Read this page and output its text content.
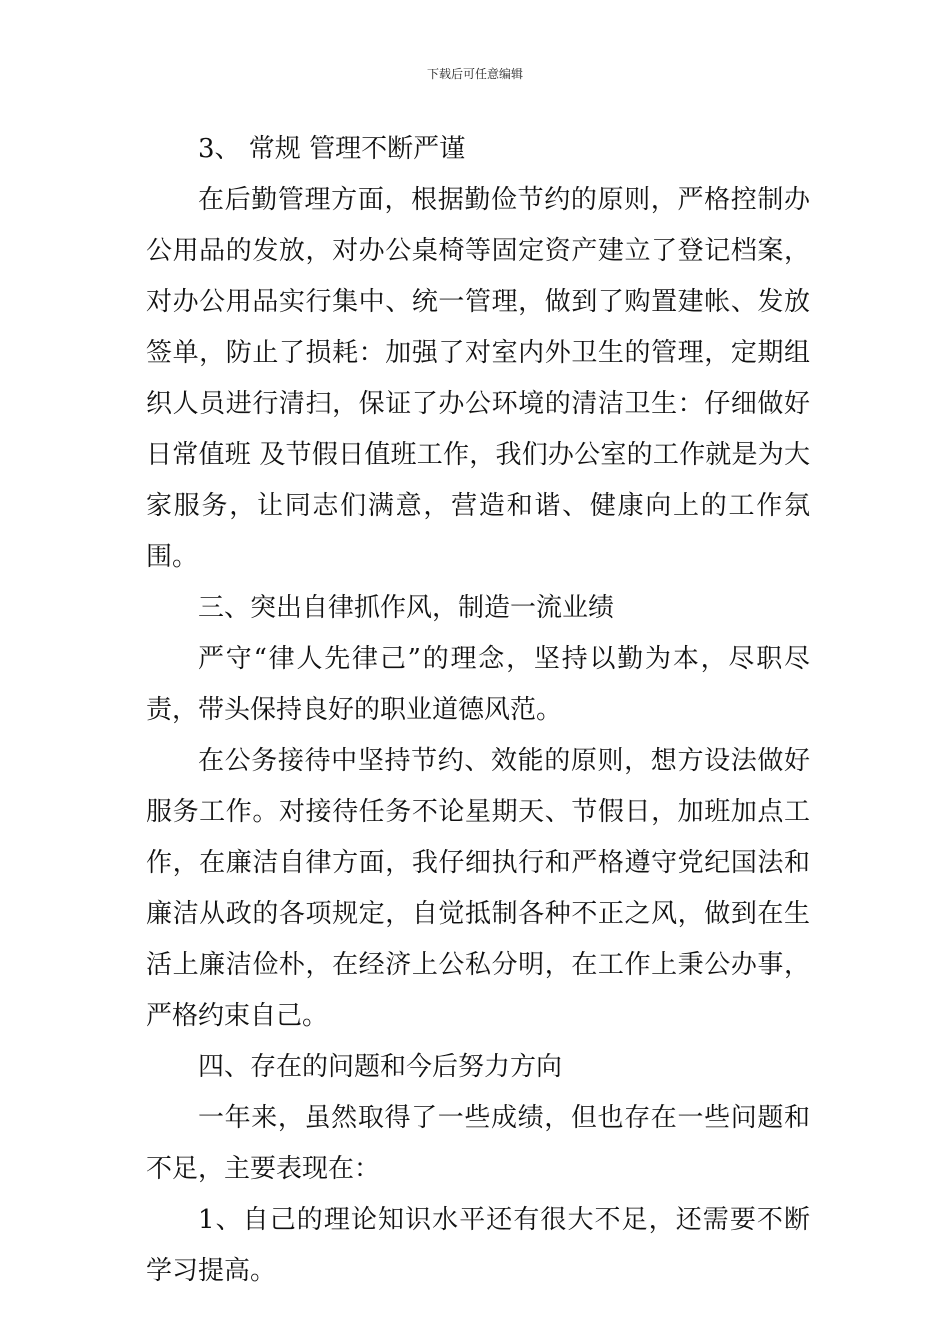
下载后可任意编辑

3、 常规 管理不断严谨

在后勤管理方面，根据勤俭节约的原则，严格控制办公用品的发放，对办公桌椅等固定资产建立了登记档案，对办公用品实行集中、统一管理，做到了购置建帐、发放签单，防止了损耗：加强了对室内外卫生的管理，定期组织人员进行清扫，保证了办公环境的清洁卫生：仔细做好日常值班 及节假日值班工作，我们办公室的工作就是为大家服务，让同志们满意，营造和谐、健康向上的工作氛围。

三、突出自律抓作风，制造一流业绩

严守“律人先律己”的理念，坚持以勤为本，尽职尽责，带头保持良好的职业道德风范。

在公务接待中坚持节约、效能的原则，想方设法做好服务工作。对接待任务不论星期天、节假日，加班加点工作，在廉洁自律方面，我仔细执行和严格遵守党纪国法和廉洁从政的各项规定，自觉抵制各种不正之风，做到在生活上廉洁俭朴，在经济上公私分明，在工作上秉公办事，严格约束自己。

四、存在的问题和今后努力方向

一年来，虽然取得了一些成绩，但也存在一些问题和不足，主要表现在：

1、自己的理论知识水平还有很大不足，还需要不断学习提高。
